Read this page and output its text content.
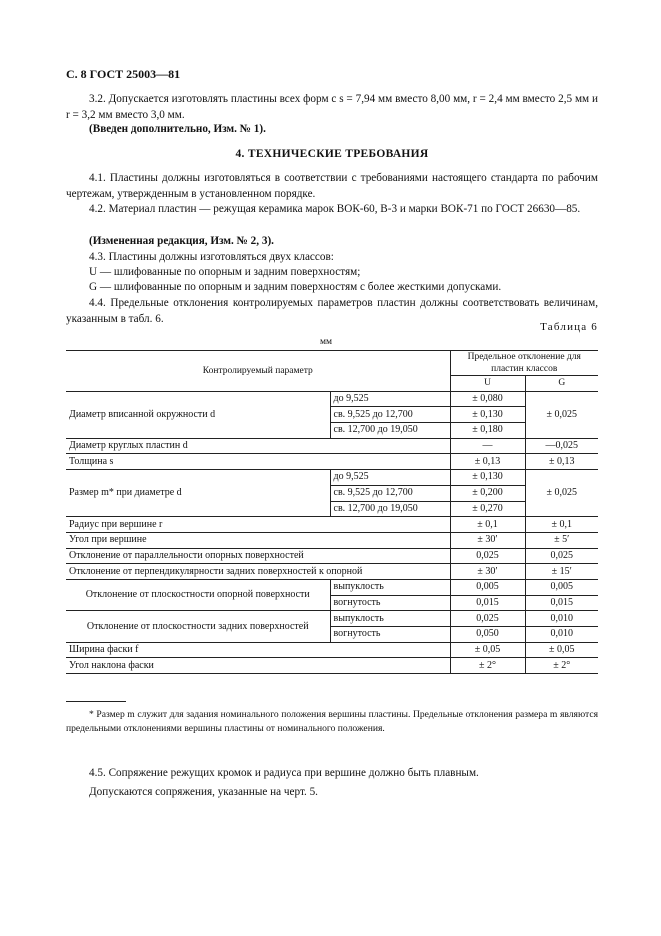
С. 8 ГОСТ 25003—81
3.2. Допускается изготовлять пластины всех форм с s = 7,94 мм вместо 8,00 мм, r = 2,4 мм вместо 2,5 мм и r = 3,2 мм вместо 3,0 мм.
(Введен дополнительно, Изм. № 1).
4. ТЕХНИЧЕСКИЕ ТРЕБОВАНИЯ
4.1. Пластины должны изготовляться в соответствии с требованиями настоящего стандарта по рабочим чертежам, утвержденным в установленном порядке.
4.2. Материал пластин — режущая керамика марок ВОК-60, В-3 и марки ВОК-71 по ГОСТ 26630—85.
(Измененная редакция, Изм. № 2, 3).
4.3. Пластины должны изготовляться двух классов:
U — шлифованные по опорным и задним поверхностям;
G — шлифованные по опорным и задним поверхностям с более жесткими допусками.
4.4. Предельные отклонения контролируемых параметров пластин должны соответствовать величинам, указанным в табл. 6.
Таблица 6
мм
Контролируемый параметр		Предельное отклонение для пластин классов	
		U	G
Диаметр вписанной окружности d	до 9,525	± 0,080	± 0,025
	св. 9,525 до 12,700	± 0,130	
	св. 12,700 до 19,050	± 0,180	
Диаметр круглых пластин d		—	—0,025
Толщина s		± 0,13	± 0,13
Размер m* при диаметре d	до 9,525	± 0,130	± 0,025
	св. 9,525 до 12,700	± 0,200	
	св. 12,700 до 19,050	± 0,270	
Радиус при вершине r		± 0,1	± 0,1
Угол при вершине		± 30′	± 5′
Отклонение от параллельности опорных поверхностей		0,025	0,025
Отклонение от перпендикулярности задних поверхностей к опорной		± 30′	± 15′
Отклонение от плоскостности опорной поверхности	выпуклость	0,005	0,005
	вогнутость	0,015	0,015
Отклонение от плоскостности задних поверхностей	выпуклость	0,025	0,010
	вогнутость	0,050	0,010
Ширина фаски f		± 0,05	± 0,05
Угол наклона фаски		± 2°	± 2°
* Размер m служит для задания номинального положения вершины пластины. Предельные отклонения размера m являются предельными отклонениями вершины пластины от номинального положения.
4.5. Сопряжение режущих кромок и радиуса при вершине должно быть плавным.
Допускаются сопряжения, указанные на черт. 5.
